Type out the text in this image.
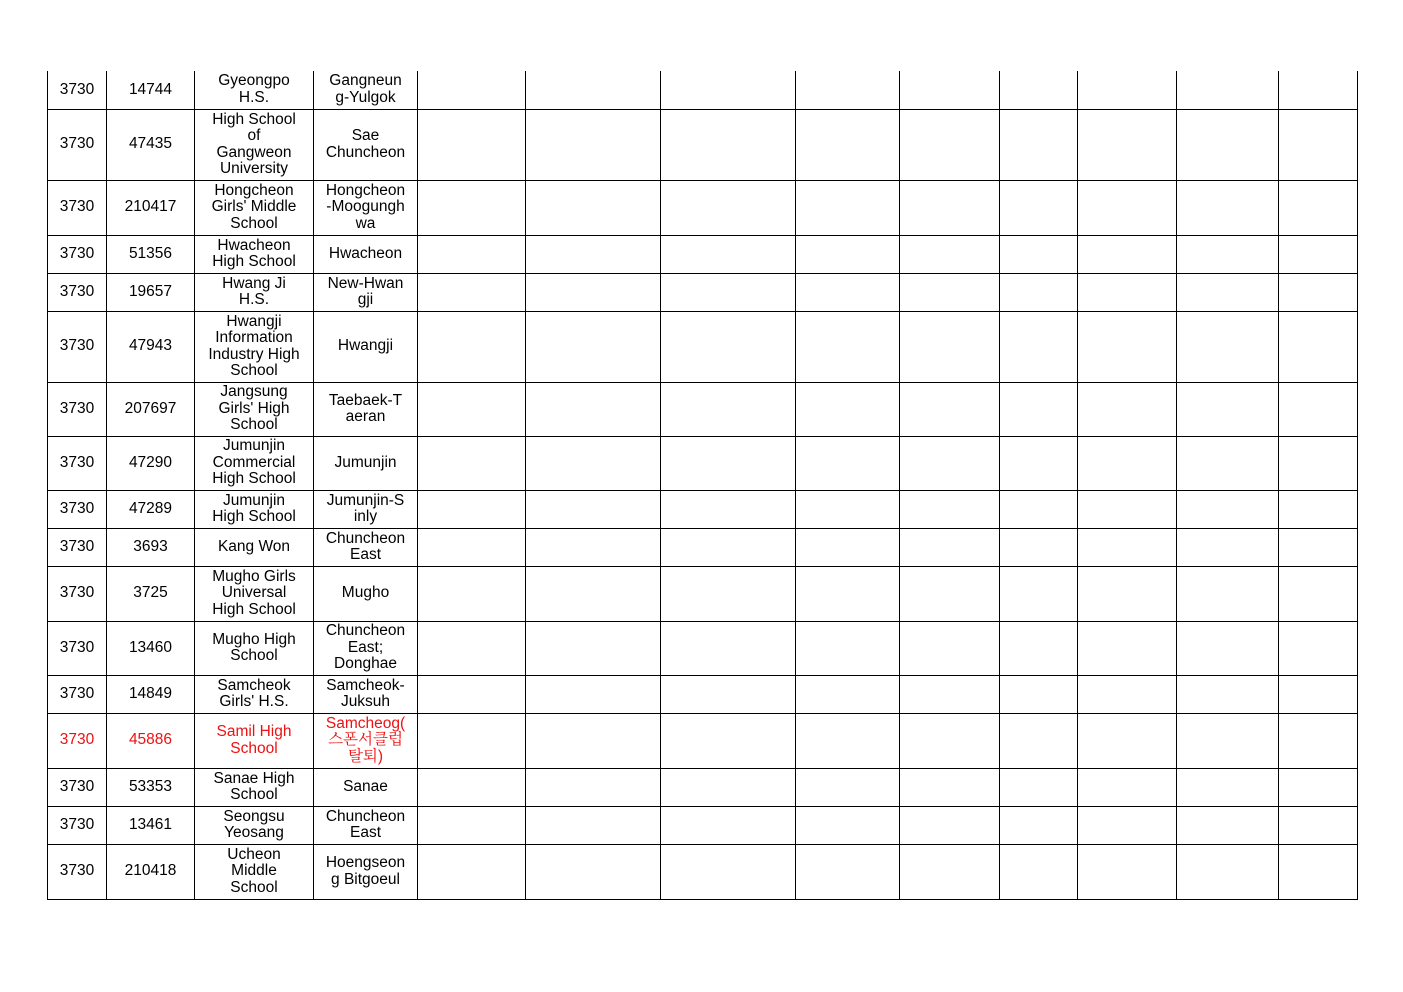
3730	14744	Gyeongpo
H.S.	Gangneun
g-Yulgok									
3730	47435	High School
of
Gangweon
University	Sae
Chuncheon									
3730	210417	Hongcheon
Girls' Middle
School	Hongcheon
-Moogungh
wa									
3730	51356	Hwacheon
High School	Hwacheon									
3730	19657	Hwang Ji
H.S.	New-Hwan
gji									
3730	47943	Hwangji
Information
Industry High
School	Hwangji									
3730	207697	Jangsung
Girls' High
School	Taebaek-T
aeran									
3730	47290	Jumunjin
Commercial
High School	Jumunjin									
3730	47289	Jumunjin
High School	Jumunjin-S
inly									
3730	3693	Kang Won	Chuncheon
East									
3730	3725	Mugho Girls
Universal
High School	Mugho									
3730	13460	Mugho High
School	Chuncheon
East;
Donghae									
3730	14849	Samcheok
Girls' H.S.	Samcheok-
Juksuh									
3730	45886	Samil High
School	Samcheog(
스폰서클럽
탈퇴)									
3730	53353	Sanae High
School	Sanae									
3730	13461	Seongsu
Yeosang	Chuncheon
East									
3730	210418	Ucheon
Middle
School	Hoengseon
g Bitgoeul									
